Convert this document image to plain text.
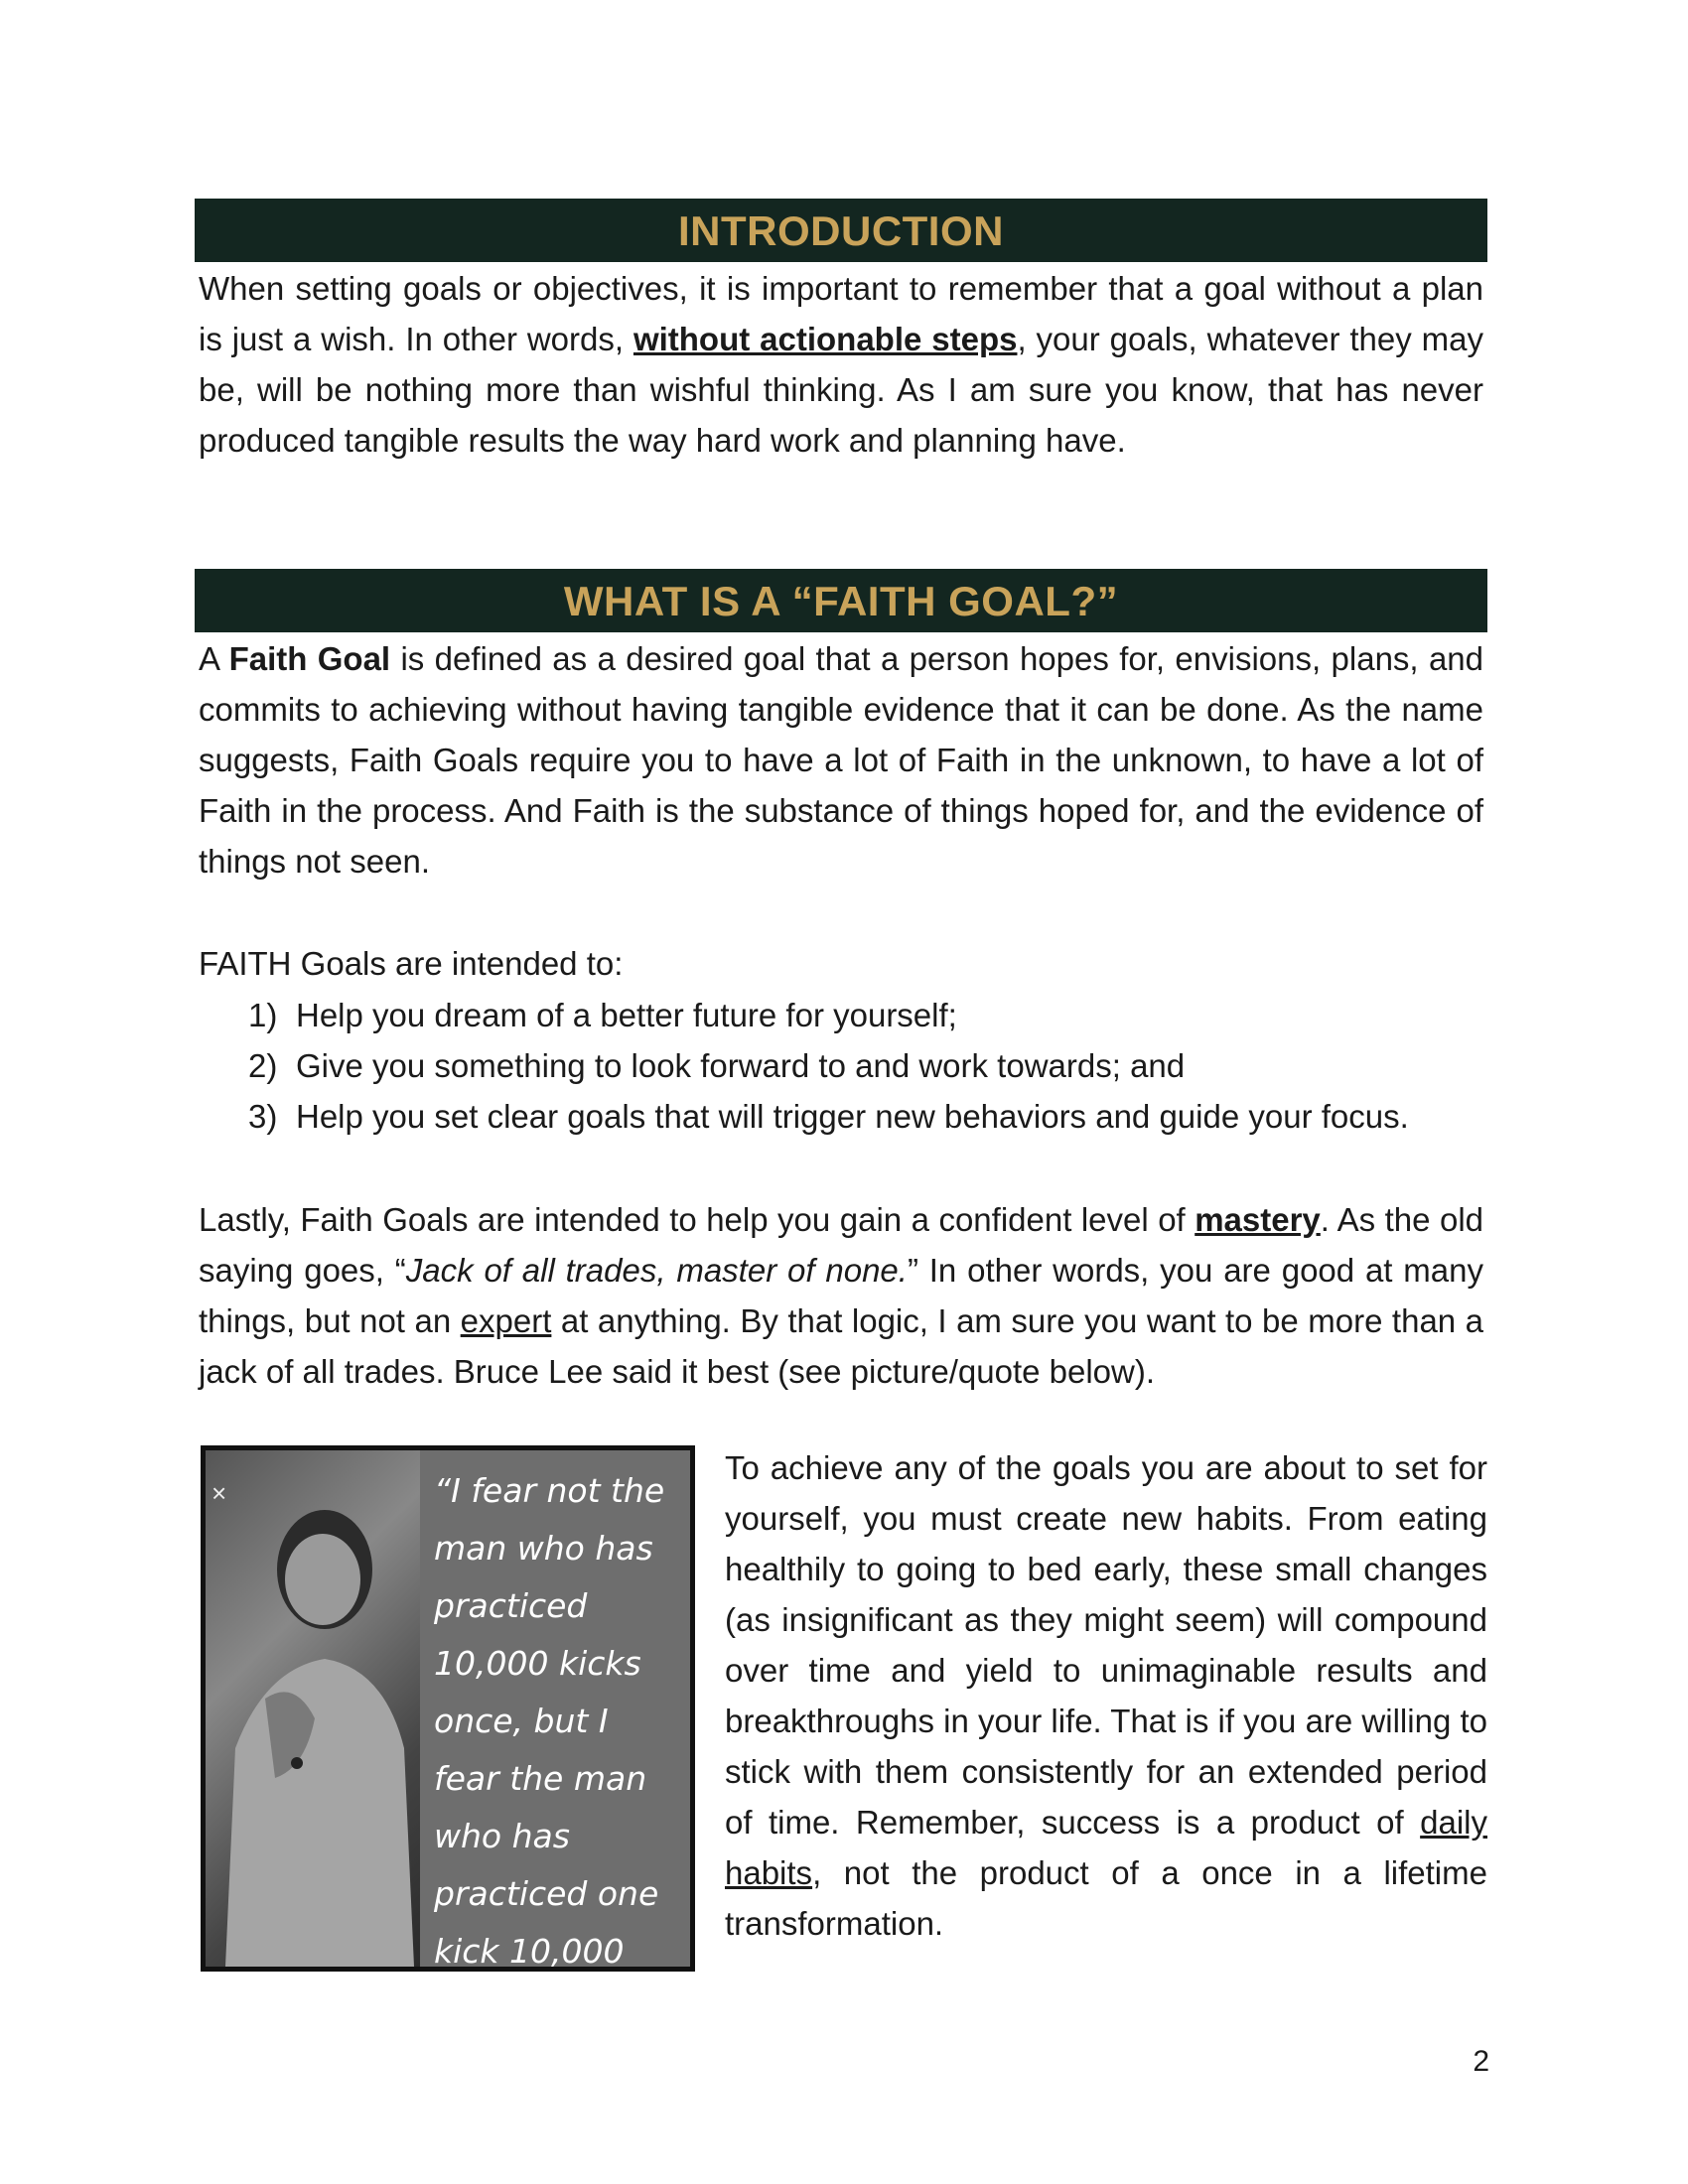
INTRODUCTION

When setting goals or objectives, it is important to remember that a goal without a plan is just a wish. In other words, without actionable steps, your goals, whatever they may be, will be nothing more than wishful thinking. As I am sure you know, that has never produced tangible results the way hard work and planning have.

WHAT IS A “FAITH GOAL?”

A Faith Goal is defined as a desired goal that a person hopes for, envisions, plans, and commits to achieving without having tangible evidence that it can be done. As the name suggests, Faith Goals require you to have a lot of Faith in the unknown, to have a lot of Faith in the process. And Faith is the substance of things hoped for, and the evidence of things not seen.

FAITH Goals are intended to:

1) Help you dream of a better future for yourself;
2) Give you something to look forward to and work towards; and
3) Help you set clear goals that will trigger new behaviors and guide your focus.

Lastly, Faith Goals are intended to help you gain a confident level of mastery. As the old saying goes, “Jack of all trades, master of none.” In other words, you are good at many things, but not an expert at anything. By that logic, I am sure you want to be more than a jack of all trades. Bruce Lee said it best (see picture/quote below).

×	“I fear not the man who has practiced 10,000 kicks once, but I fear the man who has practiced one kick 10,000 times.”
Bruce Lee

To achieve any of the goals you are about to set for yourself, you must create new habits. From eating healthily to going to bed early, these small changes (as insignificant as they might seem) will compound over time and yield to unimaginable results and breakthroughs in your life. That is if you are willing to stick with them consistently for an extended period of time. Remember, success is a product of daily habits, not the product of a once in a lifetime transformation.

2
